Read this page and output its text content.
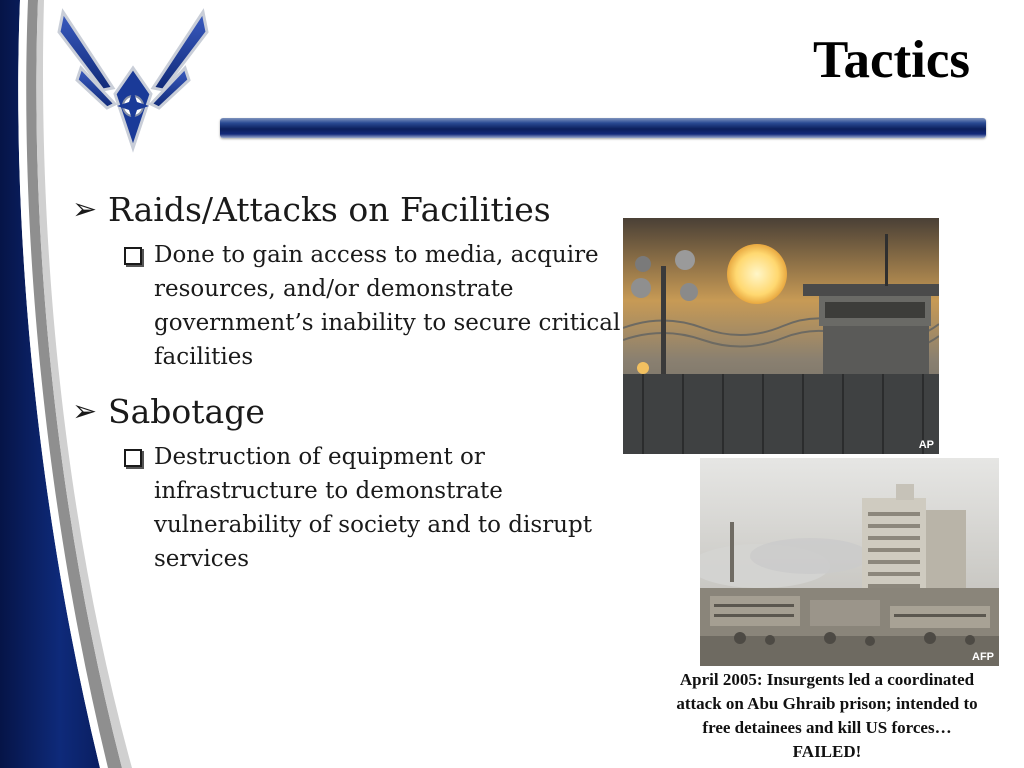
Tactics
➢ Raids/Attacks on Facilities
Done to gain access to media, acquire resources, and/or demonstrate government’s inability to secure critical facilities
➢ Sabotage
Destruction of equipment or infrastructure to demonstrate vulnerability of society and to disrupt services
AP
AFP
April 2005: Insurgents led a coordinated attack on Abu Ghraib prison; intended to free detainees and kill US forces… FAILED!
